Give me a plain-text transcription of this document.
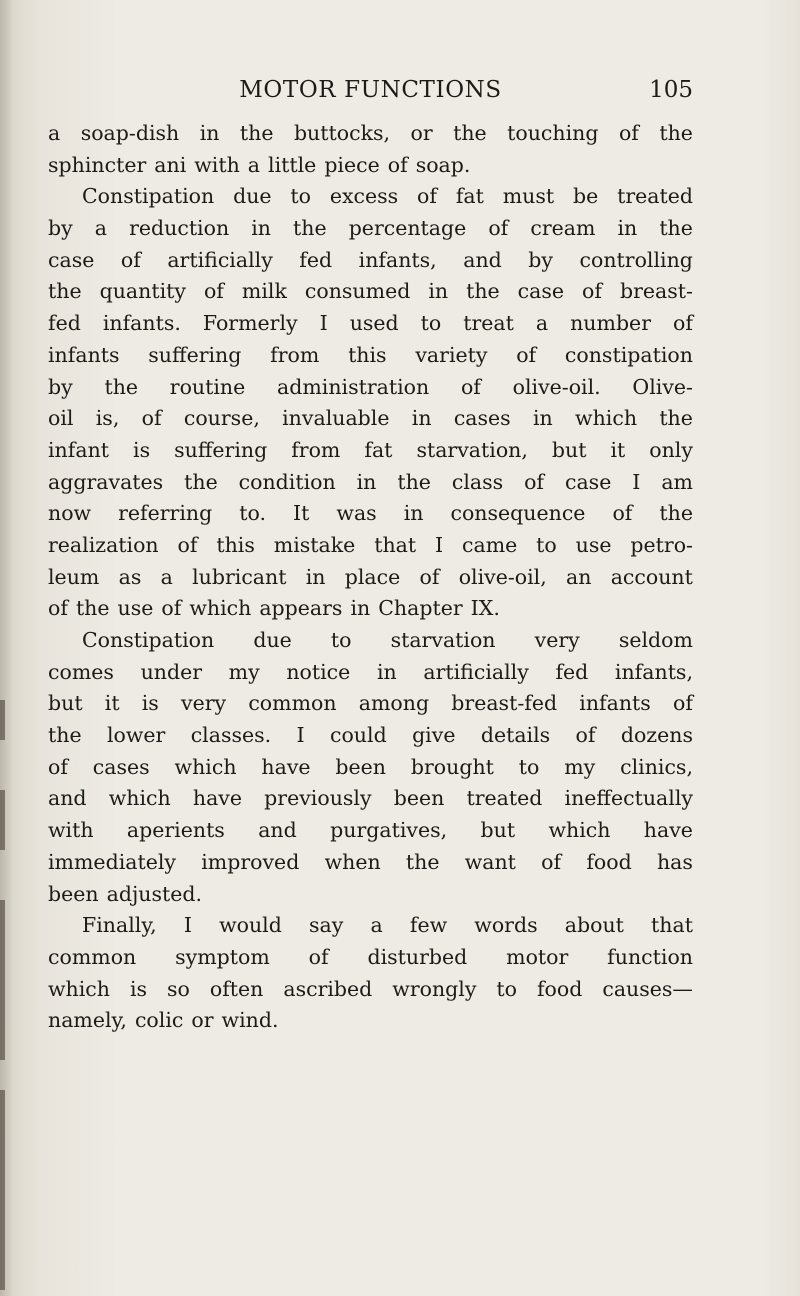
MOTOR FUNCTIONS	105
a soap-dish in the buttocks, or the touching of the
sphincter ani with a little piece of soap.
Constipation due to excess of fat must be treated
by a reduction in the percentage of cream in the
case of artificially fed infants, and by controlling
the quantity of milk consumed in the case of breast-
fed infants. Formerly I used to treat a number of
infants suffering from this variety of constipation
by the routine administration of olive-oil. Olive-
oil is, of course, invaluable in cases in which the
infant is suffering from fat starvation, but it only
aggravates the condition in the class of case I am
now referring to. It was in consequence of the
realization of this mistake that I came to use petro-
leum as a lubricant in place of olive-oil, an account
of the use of which appears in Chapter IX.
Constipation due to starvation very seldom
comes under my notice in artificially fed infants,
but it is very common among breast-fed infants of
the lower classes. I could give details of dozens
of cases which have been brought to my clinics,
and which have previously been treated ineffectually
with aperients and purgatives, but which have
immediately improved when the want of food has
been adjusted.
Finally, I would say a few words about that
common symptom of disturbed motor function
which is so often ascribed wrongly to food causes—
namely, colic or wind.
